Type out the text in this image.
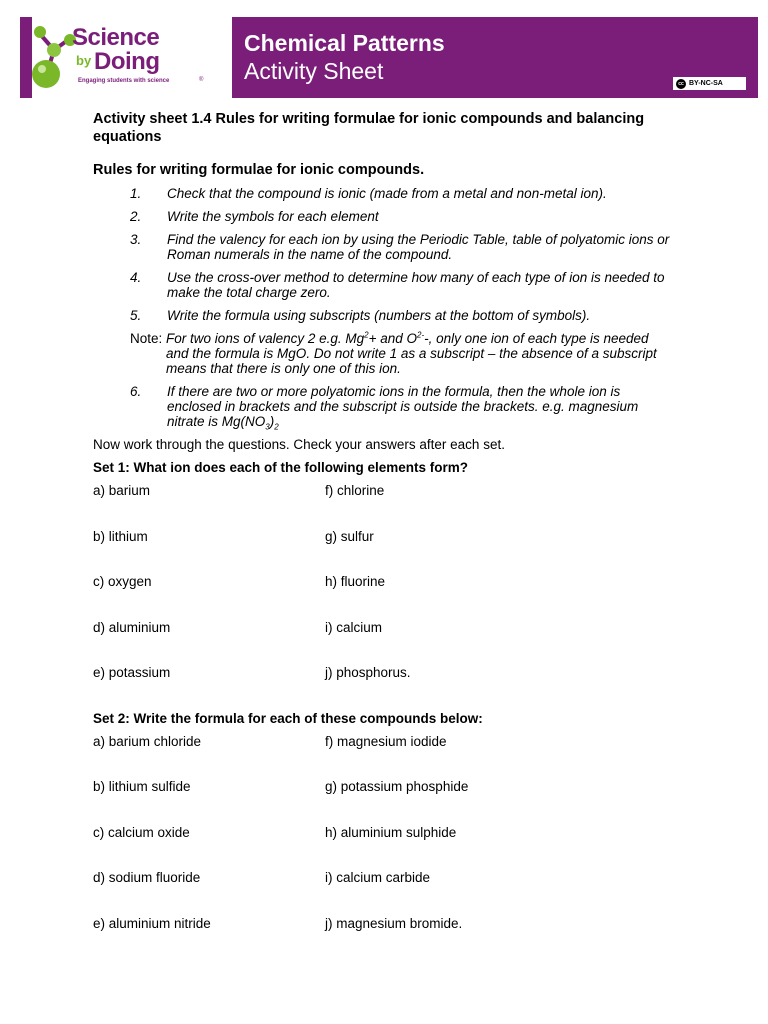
Science
by Doing
Engaging students with science	®
Chemical Patterns
Activity Sheet	cc BY-NC-SA
Activity sheet 1.4 Rules for writing formulae for ionic compounds and balancing equations
Rules for writing formulae for ionic compounds.
1.	Check that the compound is ionic (made from a metal and non-metal ion).
2.	Write the symbols for each element
3.	Find the valency for each ion by using the Periodic Table, table of polyatomic ions or Roman numerals in the name of the compound.
4.	Use the cross-over method to determine how many of each type of ion is needed to make the total charge zero.
5.	Write the formula using subscripts (numbers at the bottom of symbols).
Note: For two ions of valency 2 e.g. $Mg^2+$ and $O^{2-}-$, only one ion of each type is needed
and the formula is MgO. Do not write 1 as a subscript – the absence of a subscript means that there is only one of this ion.
6.	If there are two or more polyatomic ions in the formula, then the whole ion is enclosed in brackets and the subscript is outside the brackets. e.g. magnesium nitrate is $Mg(NO_3)_2$
Now work through the questions. Check your answers after each set.
Set 1: What ion does each of the following elements form?
a) barium	f) chlorine
b) lithium	g) sulfur
c) oxygen	h) fluorine
d) aluminium	i) calcium
e) potassium	j) phosphorus.
Set 2: Write the formula for each of these compounds below:
a) barium chloride	f) magnesium iodide
b) lithium sulfide	g) potassium phosphide
c) calcium oxide	h) aluminium sulphide
d) sodium fluoride	i) calcium carbide
e) aluminium nitride	j) magnesium bromide.
